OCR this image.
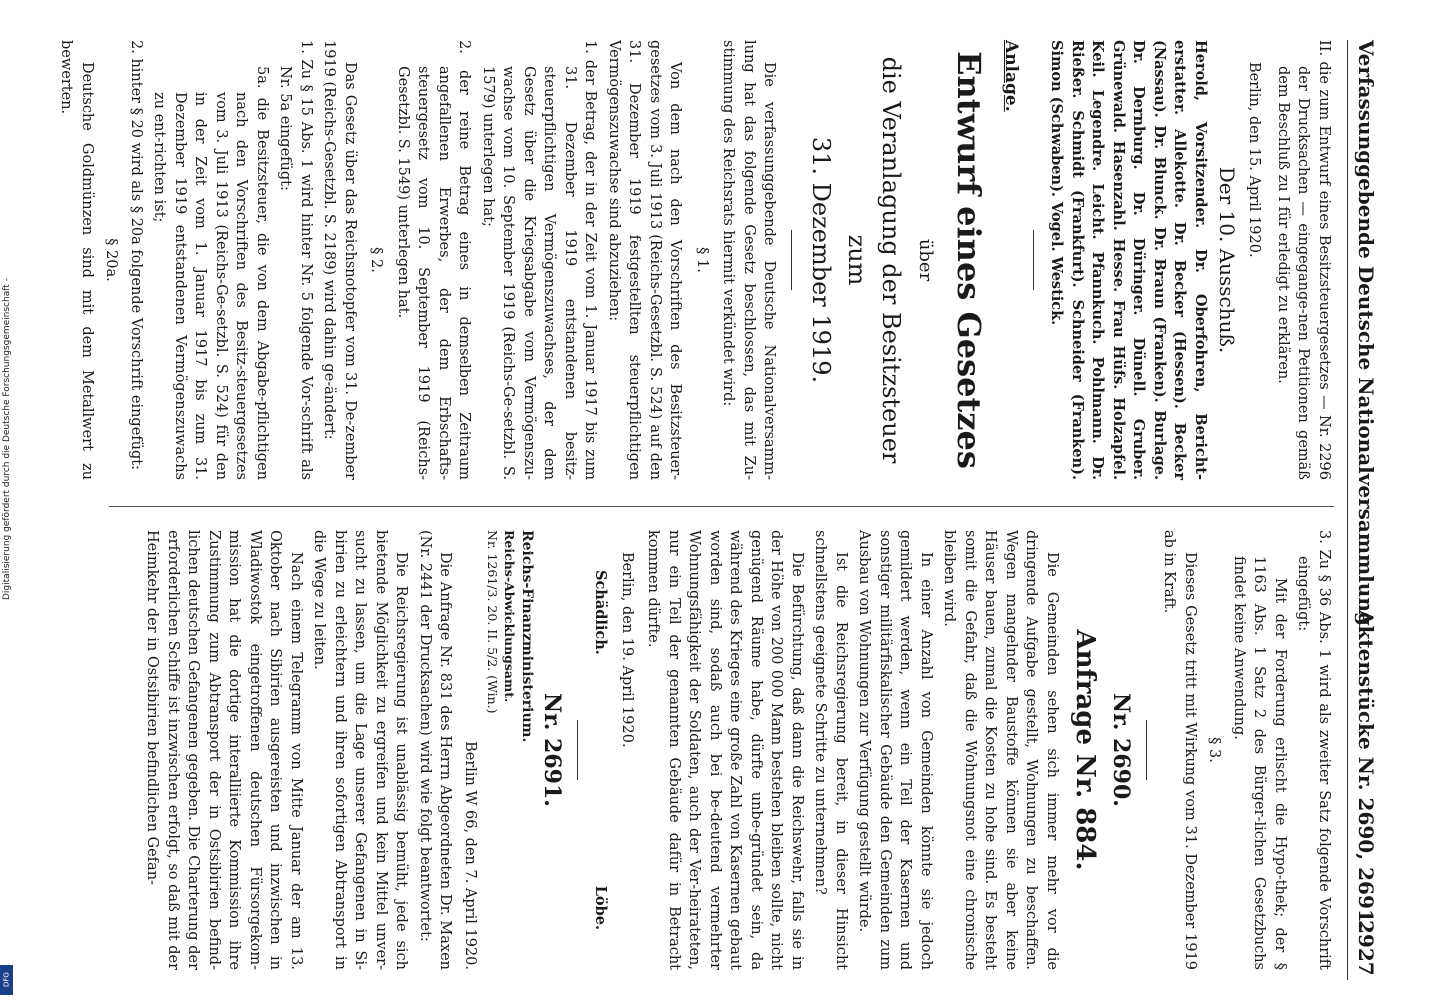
Verfassunggebende Deutsche Nationalversammlung.
Aktenstücke Nr. 2690, 2691.
2927

II. die zum Entwurf eines Besitzsteuergesetzes — Nr. 2296 der Drucksachen — eingegange-nen Petitionen gemäß dem Beschluß zu I für erledigt zu erklären.

Berlin, den 15. April 1920.

Der 10. Ausschuß.

Herold, Vorsitzender. Dr. Oberfohren, Bericht-erstatter. Allekotte. Dr. Becker (Hessen). Becker (Nassau). Dr. Blunck. Dr. Braun (Franken). Burlage. Dr. Dernburg. Dr. Düringer. Dünell. Gruber. Grünewald. Hasenzahl. Hesse. Frau Hüfs. Holzapfel. Keil. Legendre. Leicht. Pfannkuch. Pohlmann. Dr. Rießer. Schmidt (Frankfurt). Schneider (Franken). Simon (Schwaben). Vogel. Westick.

Anlage.
Entwurf eines Gesetzes
über
die Veranlagung der Besitzsteuer zum
31. Dezember 1919.

Die verfassunggebende Deutsche Nationalversamm-lung hat das folgende Gesetz beschlossen, das mit Zu-stimmung des Reichsrats hiermit verkündet wird:

§ 1.

Von dem nach den Vorschriften des Besitzsteuer-gesetzes vom 3. Juli 1913 (Reichs-Gesetzbl. S. 524) auf den 31. Dezember 1919 festgestellten steuerpflichtigen Vermögenszuwachse sind abzuziehen:

1. der Betrag, der in der Zeit vom 1. Januar 1917 bis zum 31. Dezember 1919 entstandenen besitz-steuerpflichtigen Vermögenszuwachses, der dem Gesetz über die Kriegsabgabe vom Vermögenszu-wachse vom 10. September 1919 (Reichs-Ge-setzbl. S. 1579) unterlegen hat;

2. der reine Betrag eines in demselben Zeitraum angefallenen Erwerbes, der dem Erbschafts-steuergesetz vom 10. September 1919 (Reichs-Gesetzbl. S. 1549) unterlegen hat.

§ 2.

Das Gesetz über das Reichsnotopfer vom 31. De-zember 1919 (Reichs-Gesetzbl. S. 2189) wird dahin ge-ändert:

1. Zu § 15 Abs. 1 wird hinter Nr. 5 folgende Vor-schrift als Nr. 5a eingefügt:

5a. die Besitzsteuer, die von dem Abgabe-pflichtigen nach den Vorschriften des Besitz-steuergesetzes vom 3. Juli 1913 (Reichs-Ge-setzbl. S. 524) für den in der Zeit vom 1. Januar 1917 bis zum 31. Dezember 1919 entstandenen Vermögenszuwachs zu ent-richten ist;

2. hinter § 20 wird als § 20a folgende Vorschrift eingefügt:

§ 20a.

Deutsche Goldmünzen sind mit dem Metallwert zu bewerten.

3. Zu § 36 Abs. 1 wird als zweiter Satz folgende Vorschrift eingefügt:

Mit der Forderung erlischt die Hypo-thek; der § 1163 Abs. 1 Satz 2 des Bürger-lichen Gesetzbuchs findet keine Anwendung.

§ 3.

Dieses Gesetz tritt mit Wirkung vom 31. Dezember 1919 ab in Kraft.

Nr. 2690.
Anfrage Nr. 884.

Die Gemeinden sehen sich immer mehr vor die dringende Aufgabe gestellt, Wohnungen zu beschaffen. Wegen mangelnder Baustoffe können sie aber keine Häuser bauen, zumal die Kosten zu hohe sind. Es besteht somit die Gefahr, daß die Wohnungsnot eine chronische bleiben wird.

In einer Anzahl von Gemeinden könnte sie jedoch gemildert werden, wenn ein Teil der Kasernen und sonstiger militärfiskalischer Gebäude den Gemeinden zum Ausbau von Wohnungen zur Verfügung gestellt würde.

Ist die Reichsregierung bereit, in dieser Hinsicht schnellstens geeignete Schritte zu unternehmen?

Die Befürchtung, daß dann die Reichswehr, falls sie in der Höhe von 200 000 Mann bestehen bleiben sollte, nicht genügend Räume habe, dürfte unbe-gründet sein, da während des Krieges eine große Zahl von Kasernen gebaut worden sind, sodaß auch bei be-deutend vermehrter Wohnungsfähigkeit der Soldaten, auch der Ver-heirateten, nur ein Teil der genannten Gebäude dafür in Betracht kommen dürfte.

Berlin, den 19. April 1920.

Schädlich.
Löbe.
Nr. 2691.
Reichs-Finanzministerium.
Reichs-Abwicklungsamt.
Nr. 1261/3. 20. II. 5/2. (Win.)

Berlin W 66, den 7. April 1920.

Die Anfrage Nr. 831 des Herrn Abgeordneten Dr. Maxen (Nr. 2441 der Drucksachen) wird wie folgt beantwortet:

Die Reichsregierung ist unablässig bemüht, jede sich bietende Möglichkeit zu ergreifen und kein Mittel unver-sucht zu lassen, um die Lage unserer Gefangenen in Si-birien zu erleichtern und ihren sofortigen Abtransport in die Wege zu leiten.

Nach einem Telegramm von Mitte Januar der am 13. Oktober nach Sibirien ausgereisten und inzwischen in Wladiwostok eingetroffenen deutschen Fürsorgekom-mission hat die dortige interalliierte Kommission ihre Zustimmung zum Abtransport der in Ostsibirien befind-lichen deutschen Gefangenen gegeben. Die Charterung der erforderlichen Schiffe ist inzwischen erfolgt, so daß mit der Heimkehr der in Ostsibirien befindlichen Gefan-

Digitalisierung gefördert durch die Deutsche Forschungsgemeinschaft -
DFG
